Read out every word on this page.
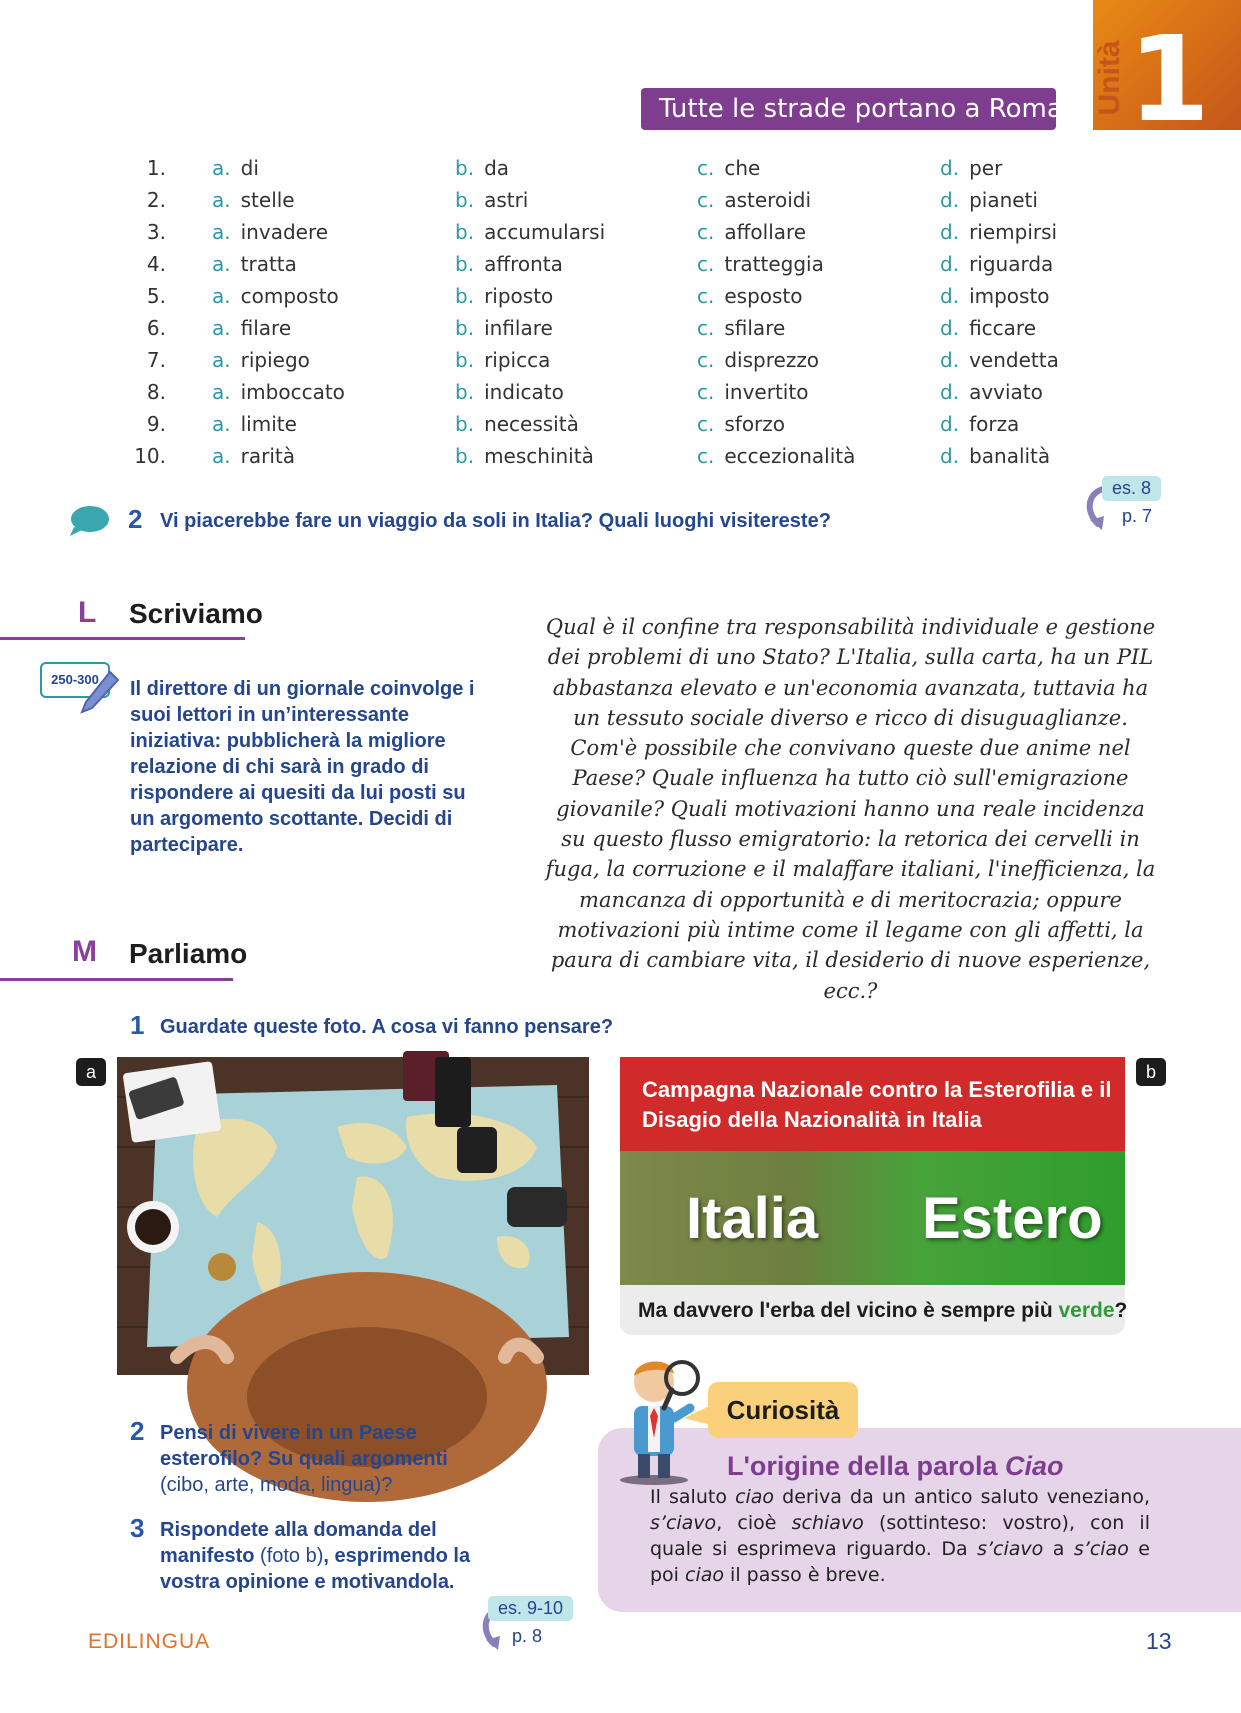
1
Unità
Tutte le strade portano a Roma
1. a. di	b. da	c. che	d. per
2. a. stelle	b. astri	c. asteroidi	d. pianeti
3. a. invadere	b. accumularsi	c. affollare	d. riempirsi
4. a. tratta	b. affronta	c. tratteggia	d. riguarda
5. a. composto	b. riposto	c. esposto	d. imposto
6. a. filare	b. infilare	c. sfilare	d. ficcare
7. a. ripiego	b. ripicca	c. disprezzo	d. vendetta
8. a. imboccato	b. indicato	c. invertito	d. avviato
9. a. limite	b. necessità	c. sforzo	d. forza
10. a. rarità	b. meschinità	c. eccezionalità	d. banalità
2 Vi piacerebbe fare un viaggio da soli in Italia? Quali luoghi visitereste?
es. 8
p. 7
L Scriviamo
250-300	Il direttore di un giornale coinvolge i suoi lettori in un’interessante iniziativa: pubblicherà la migliore relazione di chi sarà in grado di rispondere ai quesiti da lui posti su un argomento scottante. Decidi di partecipare.
Qual è il confine tra responsabilità individuale e gestione dei problemi di uno Stato? L'Italia, sulla carta, ha un PIL abbastanza elevato e un'economia avanzata, tuttavia ha un tessuto sociale diverso e ricco di disuguaglianze. Com'è possibile che convivano queste due anime nel Paese? Quale influenza ha tutto ciò sull'emigrazione giovanile? Quali motivazioni hanno una reale incidenza su questo flusso emigratorio: la retorica dei cervelli in fuga, la corruzione e il malaffare italiani, l'inefficienza, la mancanza di opportunità e di meritocrazia; oppure motivazioni più intime come il legame con gli affetti, la paura di cambiare vita, il desiderio di nuove esperienze, ecc.?
M Parliamo
1 Guardate queste foto. A cosa vi fanno pensare?
a	b
Campagna Nazionale contro la Esterofilia e il Disagio della Nazionalità in Italia
Italia Estero
Ma davvero l'erba del vicino è sempre più verde?
2 Pensi di vivere in un Paese esterofilo? Su quali argomenti (cibo, arte, moda, lingua)?
3 Rispondete alla domanda del manifesto (foto b), esprimendo la vostra opinione e motivandola.
es. 9-10
p. 8
Curiosità
L'origine della parola Ciao
Il saluto ciao deriva da un antico saluto veneziano, s’ciavo, cioè schiavo (sottinteso: vostro), con il quale si esprimeva riguardo. Da s’ciavo a s’ciao e poi ciao il passo è breve.
EDILINGUA	13
